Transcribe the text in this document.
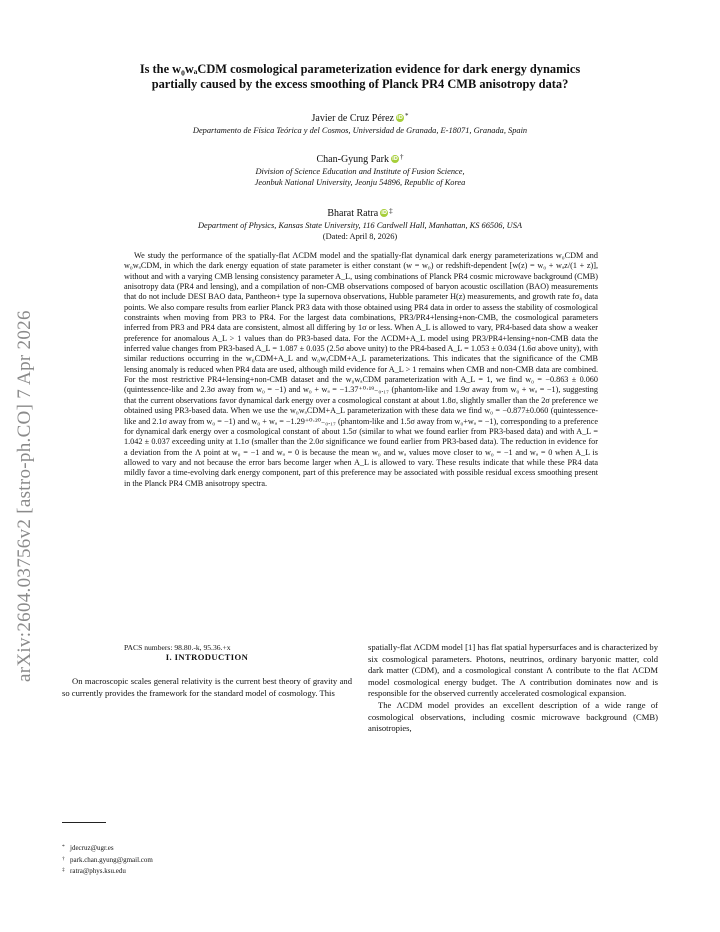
arXiv:2604.03756v2 [astro-ph.CO] 7 Apr 2026
Is the w₀wₐCDM cosmological parameterization evidence for dark energy dynamics
partially caused by the excess smoothing of Planck PR4 CMB anisotropy data?
Javier de Cruz Pérez iD *
Departamento de Física Teórica y del Cosmos, Universidad de Granada, E-18071, Granada, Spain
Chan-Gyung Park iD †
Division of Science Education and Institute of Fusion Science,
Jeonbuk National University, Jeonju 54896, Republic of Korea
Bharat Ratra iD ‡
Department of Physics, Kansas State University, 116 Cardwell Hall, Manhattan, KS 66506, USA
(Dated: April 8, 2026)

We study the performance of the spatially-flat ΛCDM model and the spatially-flat dynamical dark energy parameterizations w₀CDM and w₀wₐCDM, in which the dark energy equation of state parameter is either constant (w = w₀) or redshift-dependent [w(z) = w₀ + wₐz/(1 + z)], without and with a varying CMB lensing consistency parameter A_L, using combinations of Planck PR4 cosmic microwave background (CMB) anisotropy data (PR4 and lensing), and a compilation of non-CMB observations composed of baryon acoustic oscillation (BAO) measurements that do not include DESI BAO data, Pantheon+ type Ia supernova observations, Hubble parameter H(z) measurements, and growth rate fσ₈ data points. We also compare results from earlier Planck PR3 data with those obtained using PR4 data in order to assess the stability of cosmological constraints when moving from PR3 to PR4. For the largest data combinations, PR3/PR4+lensing+non-CMB, the cosmological parameters inferred from PR3 and PR4 data are consistent, almost all differing by 1σ or less. When A_L is allowed to vary, PR4-based data show a weaker preference for anomalous A_L > 1 values than do PR3-based data. For the ΛCDM+A_L model using PR3/PR4+lensing+non-CMB data the inferred value changes from PR3-based A_L = 1.087 ± 0.035 (2.5σ above unity) to the PR4-based A_L = 1.053 ± 0.034 (1.6σ above unity), with similar reductions occurring in the w₀CDM+A_L and w₀wₐCDM+A_L parameterizations. This indicates that the significance of the CMB lensing anomaly is reduced when PR4 data are used, although mild evidence for A_L > 1 remains when CMB and non-CMB data are combined. For the most restrictive PR4+lensing+non-CMB dataset and the w₀wₐCDM parameterization with A_L = 1, we find w₀ = −0.863 ± 0.060 (quintessence-like and 2.3σ away from w₀ = −1) and w₀ + wₐ = −1.37⁺⁰·¹⁹₋₀.₁₇ (phantom-like and 1.9σ away from w₀ + wₐ = −1), suggesting that the current observations favor dynamical dark energy over a cosmological constant at about 1.8σ, slightly smaller than the 2σ preference we obtained using PR3-based data. When we use the w₀wₐCDM+A_L parameterization with these data we find w₀ = −0.877±0.060 (quintessence-like and 2.1σ away from w₀ = −1) and w₀ + wₐ = −1.29⁺⁰·²⁰₋₀.₁₇ (phantom-like and 1.5σ away from w₀+wₐ = −1), corresponding to a preference for dynamical dark energy over a cosmological constant of about 1.5σ (similar to what we found earlier from PR3-based data) and with A_L = 1.042 ± 0.037 exceeding unity at 1.1σ (smaller than the 2.0σ significance we found earlier from PR3-based data). The reduction in evidence for a deviation from the Λ point at w₀ = −1 and wₐ = 0 is because the mean w₀ and wₐ values move closer to w₀ = −1 and wₐ = 0 when A_L is allowed to vary and not because the error bars become larger when A_L is allowed to vary. These results indicate that while these PR4 data mildly favor a time-evolving dark energy component, part of this preference may be associated with possible residual excess smoothing present in the Planck PR4 CMB anisotropy spectra.

PACS numbers: 98.80.-k, 95.36.+x
I. INTRODUCTION

On macroscopic scales general relativity is the current best theory of gravity and so currently provides the framework for the standard model of cosmology. This

spatially-flat ΛCDM model [1] has flat spatial hypersurfaces and is characterized by six cosmological parameters. Photons, neutrinos, ordinary baryonic matter, cold dark matter (CDM), and a cosmological constant Λ contribute to the flat ΛCDM model cosmological energy budget. The Λ contribution dominates now and is responsible for the observed currently accelerated cosmological expansion.

The ΛCDM model provides an excellent description of a wide range of cosmological observations, including cosmic microwave background (CMB) anisotropies,

* jdecruz@ugr.es
† park.chan.gyung@gmail.com
‡ ratra@phys.ksu.edu
